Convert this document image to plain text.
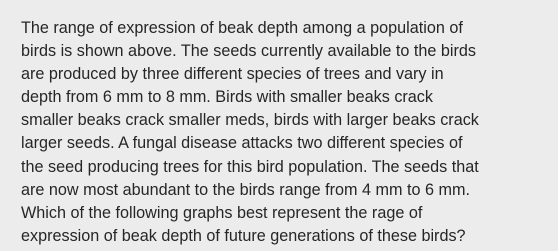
The range of expression of beak depth among a population of
birds is shown above. The seeds currently available to the birds
are produced by three different species of trees and vary in
depth from 6 mm to 8 mm. Birds with smaller beaks crack
smaller beaks crack smaller meds, birds with larger beaks crack
larger seeds. A fungal disease attacks two different species of
the seed producing trees for this bird population. The seeds that
are now most abundant to the birds range from 4 mm to 6 mm.
Which of the following graphs best represent the rage of
expression of beak depth of future generations of these birds?
